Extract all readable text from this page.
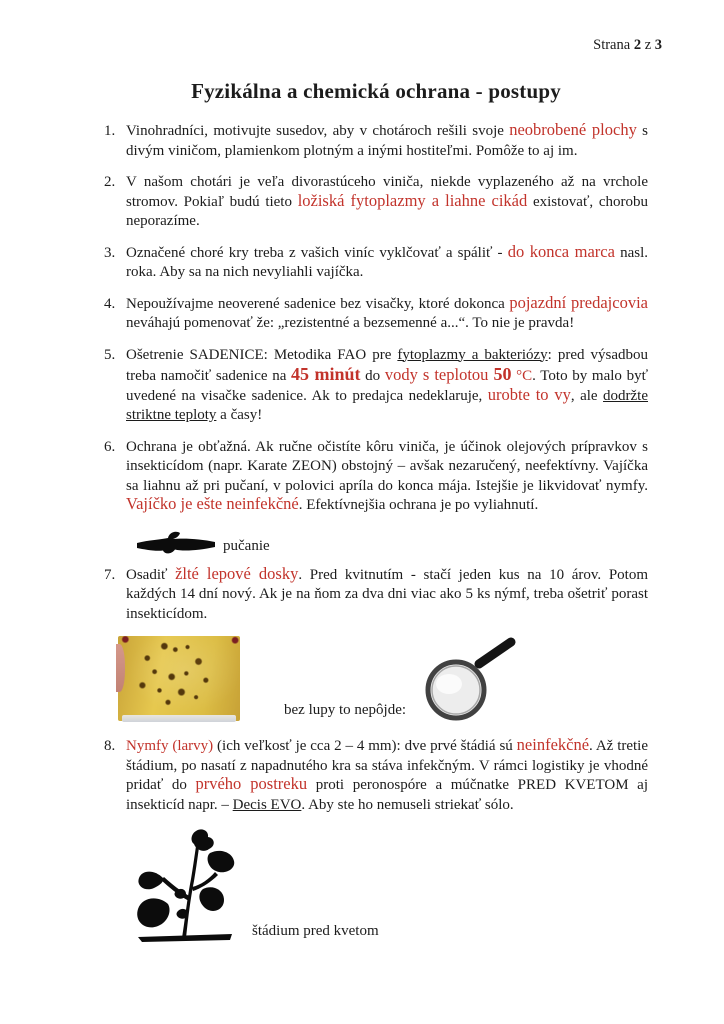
Strana 2 z 3
Fyzikálna a chemická ochrana - postupy
1. Vinohradníci, motivujte susedov, aby v chotároch rešili svoje neobrobené plochy s divým viničom, plamienkom plotným a inými hostiteľmi. Pomôže to aj im.
2. V našom chotári je veľa divorastúceho viniča, niekde vyplazeného až na vrchole stromov. Pokiaľ budú tieto ložiská fytoplazmy a liahne cikád existovať, chorobu neporazíme.
3. Označené choré kry treba z vašich viníc vyklčovať a spáliť - do konca marca nasl. roka. Aby sa na nich nevyliahli vajíčka.
4. Nepoužívajme neoverené sadenice bez visačky, ktoré dokonca pojazdní predajcovia neváhajú pomenovať že: „rezistentné a bezsemenné a...“. To nie je pravda!
5. Ošetrenie SADENICE: Metodika FAO pre fytoplazmy a bakteriózy: pred výsadbou treba namočiť sadenice na 45 minút do vody s teplotou 50 °C. Toto by malo byť uvedené na visačke sadenice. Ak to predajca nedeklaruje, urobte to vy, ale dodržte striktne teploty a časy!
6. Ochrana je obťažná. Ak ručne očistíte kôru viniča, je účinok olejových prípravkov s insekticídom (napr. Karate ZEON) obstojný – avšak nezaručený, neefektívny. Vajíčka sa liahnu až pri pučaní, v polovici apríla do konca mája. Istejšie je likvidovať nymfy. Vajíčko je ešte neinfekčné. Efektívnejšia ochrana je po vyliahnutí.
pučanie
7. Osadiť žlté lepové dosky. Pred kvitnutím - stačí jeden kus na 10 árov. Potom každých 14 dní nový. Ak je na ňom za dva dni viac ako 5 ks nýmf, treba ošetriť porast insekticídom.
bez lupy to nepôjde:
8. Nymfy (larvy) (ich veľkosť je cca 2 – 4 mm): dve prvé štádiá sú neinfekčné. Až tretie štádium, po nasatí z napadnutého kra sa stáva infekčným. V rámci logistiky je vhodné pridať do prvého postreku proti peronospóre a múčnatke PRED KVETOM aj insekticíd napr. – Decis EVO. Aby ste ho nemuseli striekať sólo.
štádium pred kvetom
